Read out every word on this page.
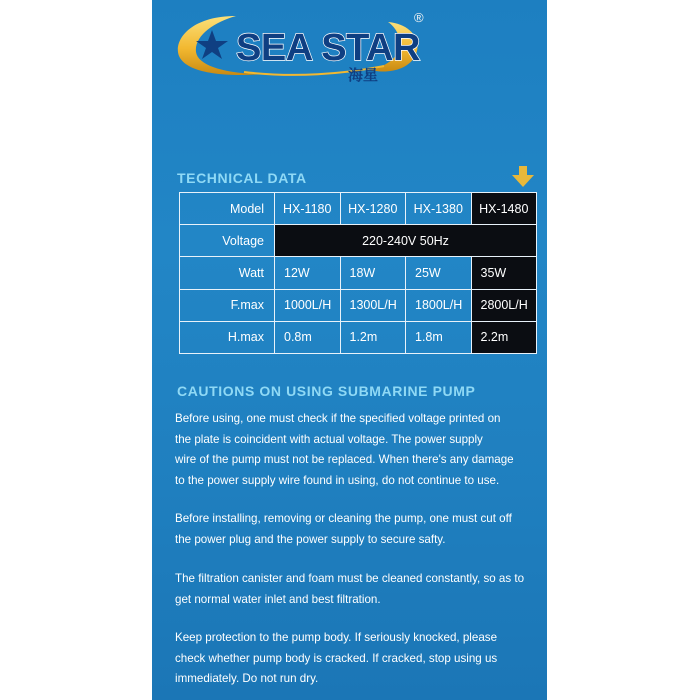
SEA STAR
海星
®
TECHNICAL DATA
Model	HX-1180	HX-1280	HX-1380	HX-1480
Voltage	220-240V 50Hz			
Watt	12W	18W	25W	35W
F.max	1000L/H	1300L/H	1800L/H	2800L/H
H.max	0.8m	1.2m	1.8m	2.2m
CAUTIONS ON USING SUBMARINE PUMP
Before using, one must check if the specified voltage printed on
the plate is coincident with actual voltage. The power supply
wire of the pump must not be replaced. When there's any damage
to the power supply wire found in using, do not continue to use.
Before installing, removing or cleaning the pump, one must cut off
the power plug and the power supply to secure safty.
The filtration canister and foam must be cleaned constantly, so as to
get normal water inlet and best filtration.
Keep protection to the pump body. If seriously knocked, please
check whether pump body is cracked. If cracked, stop using us
immediately. Do not run dry.
